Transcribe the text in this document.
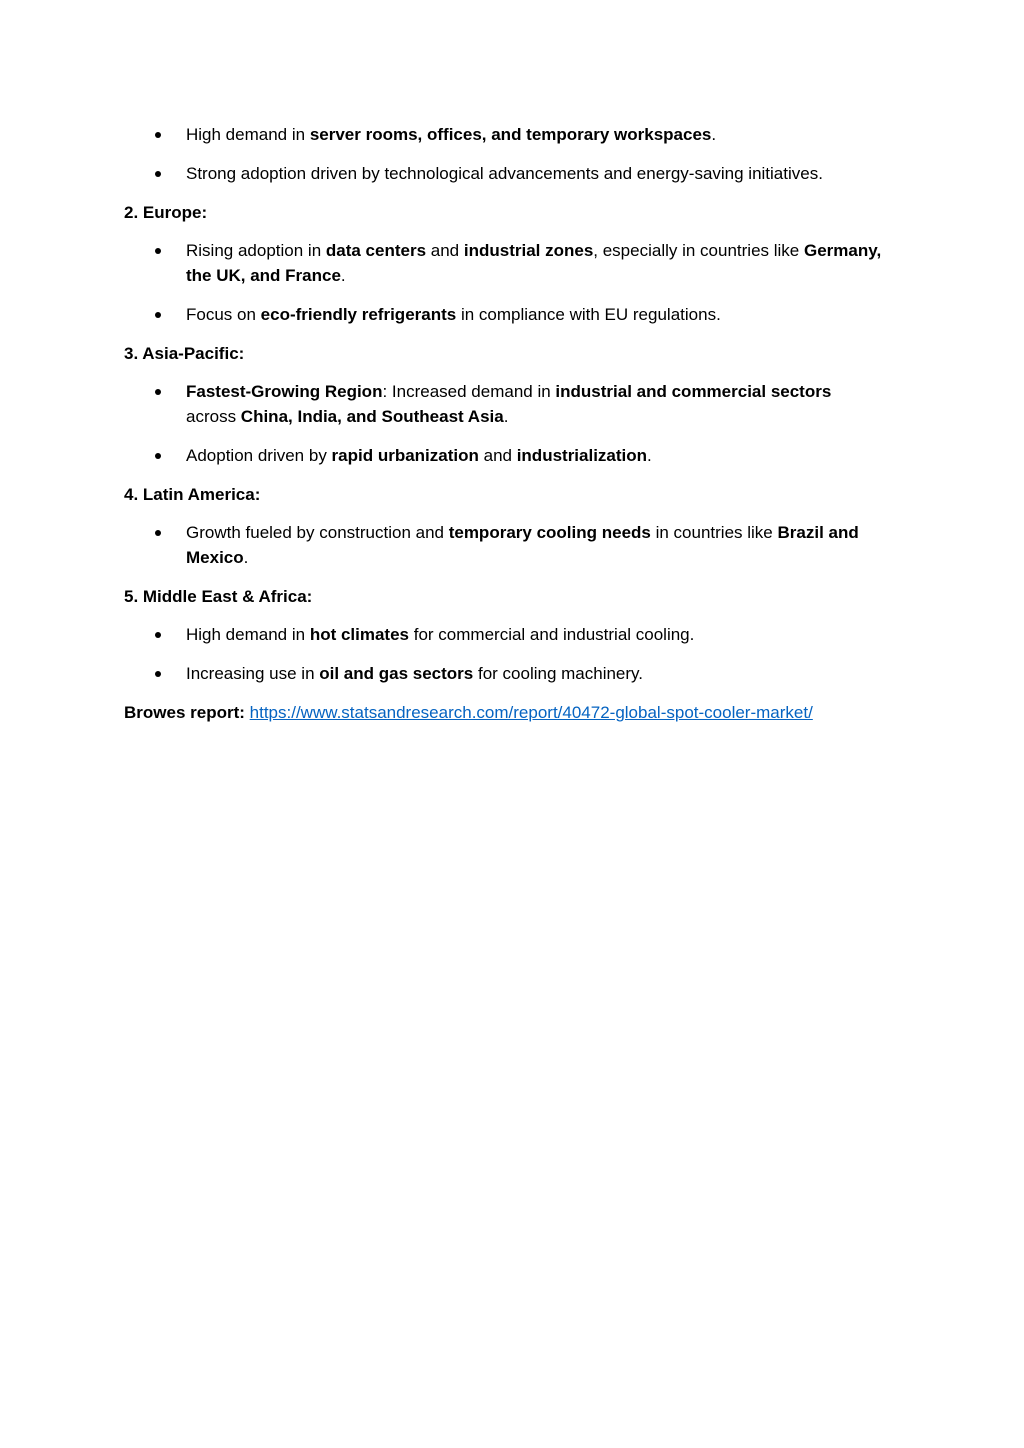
High demand in server rooms, offices, and temporary workspaces.
Strong adoption driven by technological advancements and energy-saving initiatives.
2. Europe:
Rising adoption in data centers and industrial zones, especially in countries like Germany, the UK, and France.
Focus on eco-friendly refrigerants in compliance with EU regulations.
3. Asia-Pacific:
Fastest-Growing Region: Increased demand in industrial and commercial sectors across China, India, and Southeast Asia.
Adoption driven by rapid urbanization and industrialization.
4. Latin America:
Growth fueled by construction and temporary cooling needs in countries like Brazil and Mexico.
5. Middle East & Africa:
High demand in hot climates for commercial and industrial cooling.
Increasing use in oil and gas sectors for cooling machinery.

Browes report: https://www.statsandresearch.com/report/40472-global-spot-cooler-market/
